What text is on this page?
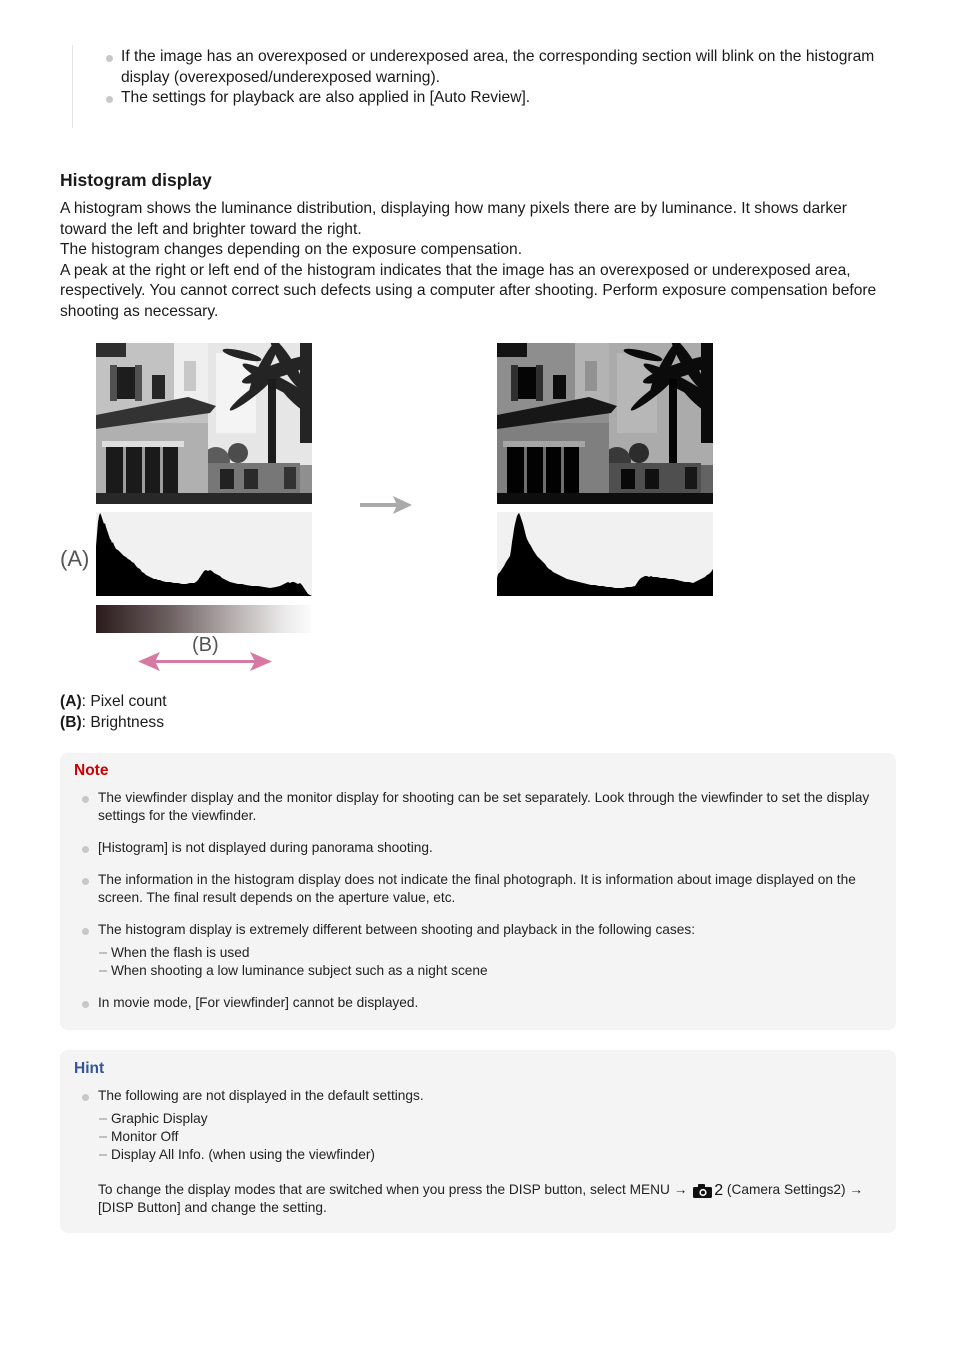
If the image has an overexposed or underexposed area, the corresponding section will blink on the histogram display (overexposed/underexposed warning).
The settings for playback are also applied in [Auto Review].
Histogram display
A histogram shows the luminance distribution, displaying how many pixels there are by luminance. It shows darker toward the left and brighter toward the right.
The histogram changes depending on the exposure compensation.
A peak at the right or left end of the histogram indicates that the image has an overexposed or underexposed area, respectively. You cannot correct such defects using a computer after shooting. Perform exposure compensation before shooting as necessary.
(A)
(B)
(A): Pixel count
(B): Brightness
Note
The viewfinder display and the monitor display for shooting can be set separately. Look through the viewfinder to set the display settings for the viewfinder.
[Histogram] is not displayed during panorama shooting.
The information in the histogram display does not indicate the final photograph. It is information about image displayed on the screen. The final result depends on the aperture value, etc.
The histogram display is extremely different between shooting and playback in the following cases:
When the flash is used
When shooting a low luminance subject such as a night scene
In movie mode, [For viewfinder] cannot be displayed.
Hint
The following are not displayed in the default settings.
Graphic Display
Monitor Off
Display All Info. (when using the viewfinder)
To change the display modes that are switched when you press the DISP button, select MENU → 2 (Camera Settings2) → [DISP Button] and change the setting.
